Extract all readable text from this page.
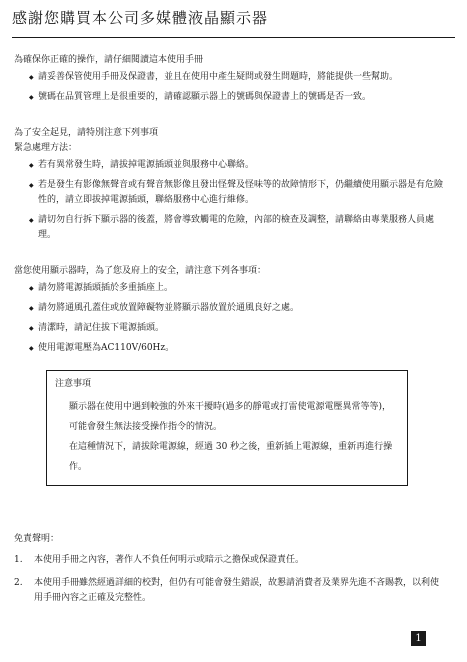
感謝您購買本公司多媒體液晶顯示器

為確保你正確的操作，請仔細閱讀這本使用手冊

◆ 請妥善保管使用手冊及保證書，並且在使用中產生疑問或發生問題時，將能提供一些幫助。
◆ 號碼在品質管理上是很重要的，請確認顯示器上的號碼與保證書上的號碼是否一致。

為了安全起見，請特別注意下列事項

緊急處理方法：

◆ 若有異常發生時，請拔掉電源插頭並與服務中心聯絡。
◆ 若是發生有影像無聲音或有聲音無影像且發出怪聲及怪味等的故障情形下，仍繼續使用顯示器是有危險性的，請立即拔掉電源插頭，聯絡服務中心進行維修。
◆ 請切勿自行拆下顯示器的後蓋，將會導致觸電的危險，內部的檢查及調整，請聯絡由專業服務人員處理。

當您使用顯示器時，為了您及府上的安全，請注意下列各事項：

◆ 請勿將電源插頭插於多重插座上。
◆ 請勿將通風孔蓋住或放置障礙物並將顯示器放置於通風良好之處。
◆ 清潔時，請記住拔下電源插頭。
◆ 使用電源電壓為AC110V/60Hz。

注意事項

顯示器在使用中遇到較強的外來干擾時(過多的靜電或打雷使電源電壓異常等等)，可能會發生無法接受操作指令的情況。

在這種情況下，請拔除電源線，經過 30 秒之後，重新插上電源線，重新再進行操作。

免責聲明：

1. 本使用手冊之內容，著作人不負任何明示或暗示之擔保或保證責任。
2. 本使用手冊雖然經過詳細的校對，但仍有可能會發生錯誤，故懇請消費者及業界先進不吝賜教，以利使用手冊內容之正確及完整性。
1
